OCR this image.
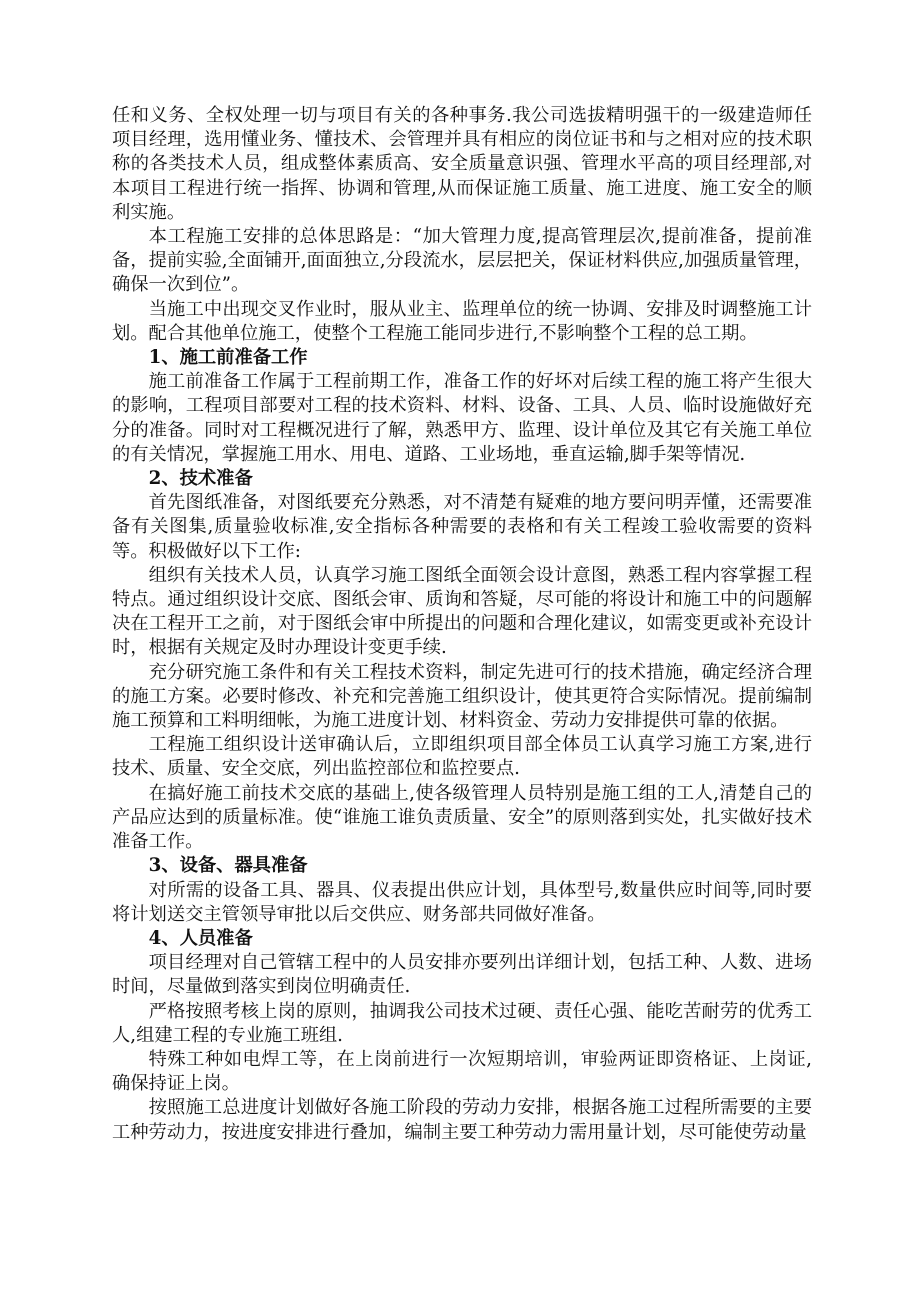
任和义务、全权处理一切与项目有关的各种事务.我公司选拔精明强干的一级建造师任项目经理，选用懂业务、懂技术、会管理并具有相应的岗位证书和与之相对应的技术职称的各类技术人员，组成整体素质高、安全质量意识强、管理水平高的项目经理部,对本项目工程进行统一指挥、协调和管理,从而保证施工质量、施工进度、施工安全的顺利实施。

本工程施工安排的总体思路是：“加大管理力度,提高管理层次,提前准备，提前准备，提前实验,全面铺开,面面独立,分段流水，层层把关，保证材料供应,加强质量管理，确保一次到位”。

当施工中出现交叉作业时，服从业主、监理单位的统一协调、安排及时调整施工计划。配合其他单位施工，使整个工程施工能同步进行,不影响整个工程的总工期。

1、施工前准备工作

施工前准备工作属于工程前期工作，准备工作的好坏对后续工程的施工将产生很大的影响，工程项目部要对工程的技术资料、材料、设备、工具、人员、临时设施做好充分的准备。同时对工程概况进行了解，熟悉甲方、监理、设计单位及其它有关施工单位的有关情况，掌握施工用水、用电、道路、工业场地，垂直运输,脚手架等情况.

2、技术准备

首先图纸准备，对图纸要充分熟悉，对不清楚有疑难的地方要问明弄懂，还需要准备有关图集,质量验收标准,安全指标各种需要的表格和有关工程竣工验收需要的资料等。积极做好以下工作:

组织有关技术人员，认真学习施工图纸全面领会设计意图，熟悉工程内容掌握工程特点。通过组织设计交底、图纸会审、质询和答疑，尽可能的将设计和施工中的问题解决在工程开工之前，对于图纸会审中所提出的问题和合理化建议，如需变更或补充设计时，根据有关规定及时办理设计变更手续.

充分研究施工条件和有关工程技术资料，制定先进可行的技术措施，确定经济合理的施工方案。必要时修改、补充和完善施工组织设计，使其更符合实际情况。提前编制施工预算和工料明细帐，为施工进度计划、材料资金、劳动力安排提供可靠的依据。

工程施工组织设计送审确认后，立即组织项目部全体员工认真学习施工方案,进行技术、质量、安全交底，列出监控部位和监控要点.

在搞好施工前技术交底的基础上,使各级管理人员特别是施工组的工人,清楚自己的产品应达到的质量标准。使“谁施工谁负责质量、安全”的原则落到实处，扎实做好技术准备工作。

3、设备、器具准备

对所需的设备工具、器具、仪表提出供应计划，具体型号,数量供应时间等,同时要将计划送交主管领导审批以后交供应、财务部共同做好准备。

4、人员准备

项目经理对自己管辖工程中的人员安排亦要列出详细计划，包括工种、人数、进场时间，尽量做到落实到岗位明确责任.

严格按照考核上岗的原则，抽调我公司技术过硬、责任心强、能吃苦耐劳的优秀工人,组建工程的专业施工班组.

特殊工种如电焊工等，在上岗前进行一次短期培训，审验两证即资格证、上岗证,确保持证上岗。

按照施工总进度计划做好各施工阶段的劳动力安排，根据各施工过程所需要的主要工种劳动力，按进度安排进行叠加，编制主要工种劳动力需用量计划，尽可能使劳动量
